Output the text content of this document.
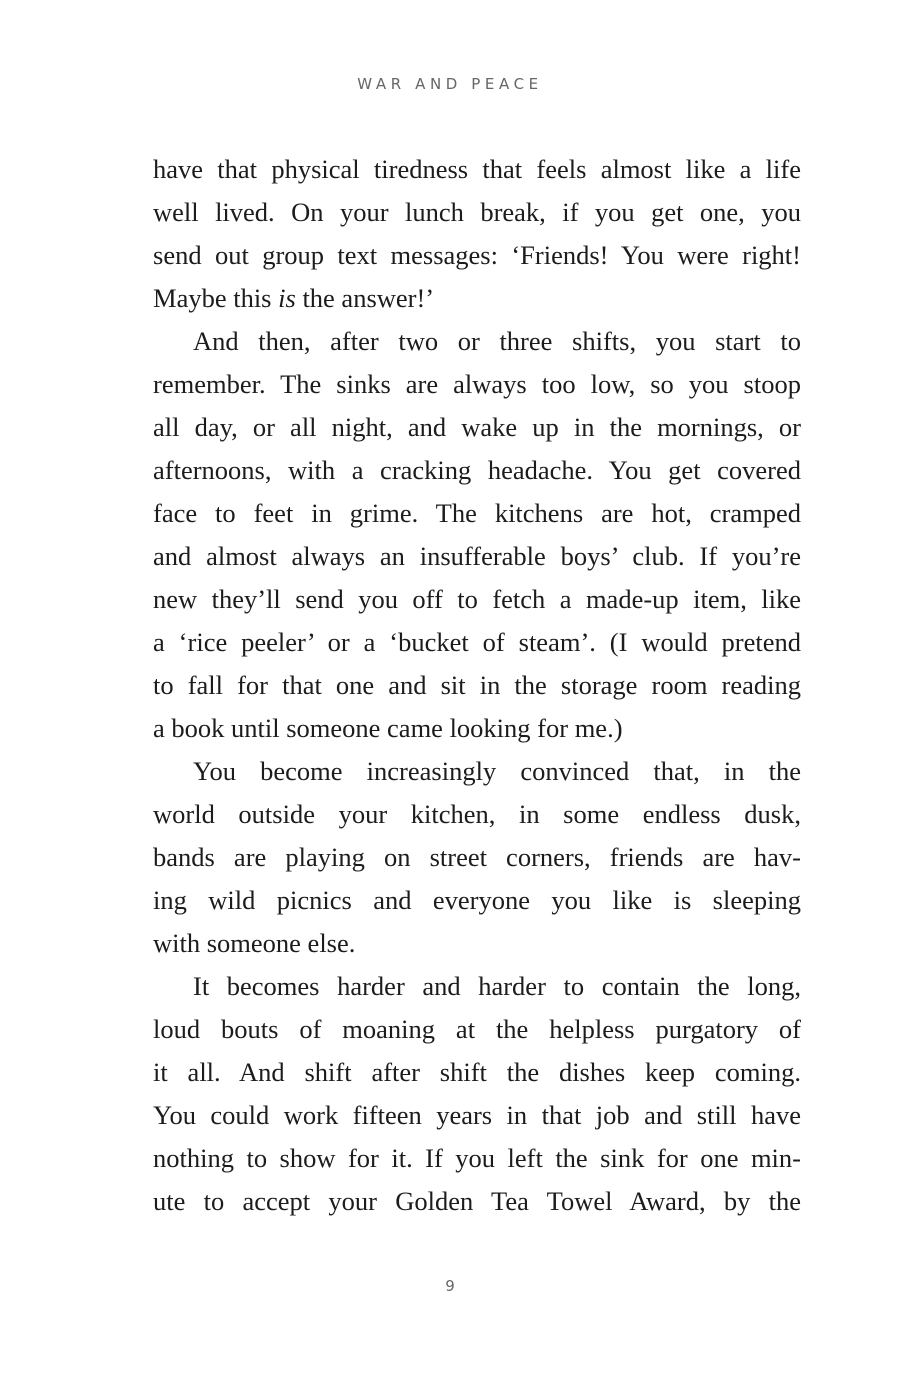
WAR AND PEACE
have that physical tiredness that feels almost like a life
well lived. On your lunch break, if you get one, you
send out group text messages: ‘Friends! You were right!
Maybe this is the answer!’
And then, after two or three shifts, you start to
remember. The sinks are always too low, so you stoop
all day, or all night, and wake up in the mornings, or
afternoons, with a cracking headache. You get covered
face to feet in grime. The kitchens are hot, cramped
and almost always an insufferable boys’ club. If you’re
new they’ll send you off to fetch a made-up item, like
a ‘rice peeler’ or a ‘bucket of steam’. (I would pretend
to fall for that one and sit in the storage room reading
a book until someone came looking for me.)
You become increasingly convinced that, in the
world outside your kitchen, in some endless dusk,
bands are playing on street corners, friends are hav-
ing wild picnics and everyone you like is sleeping
with someone else.
It becomes harder and harder to contain the long,
loud bouts of moaning at the helpless purgatory of
it all. And shift after shift the dishes keep coming.
You could work fifteen years in that job and still have
nothing to show for it. If you left the sink for one min-
ute to accept your Golden Tea Towel Award, by the
9
